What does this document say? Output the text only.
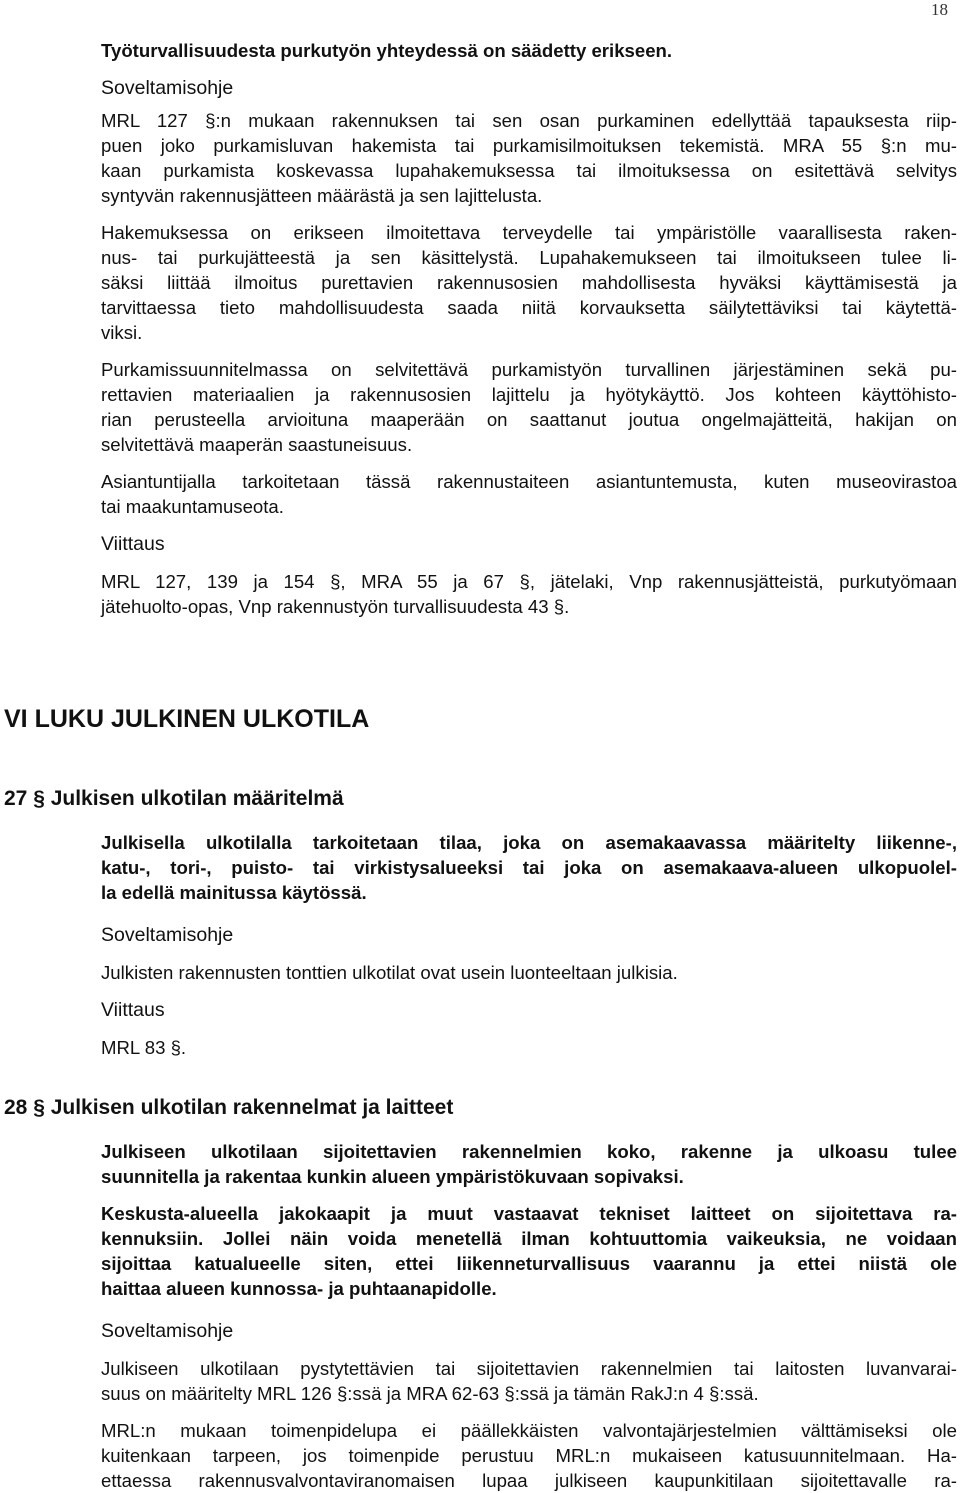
18
Työturvallisuudesta purkutyön yhteydessä on säädetty erikseen.
Soveltamisohje
MRL 127 §:n mukaan rakennuksen tai sen osan purkaminen edellyttää tapauksesta riip-
puen joko purkamisluvan hakemista tai purkamisilmoituksen tekemistä. MRA 55 §:n mu-
kaan purkamista koskevassa lupahakemuksessa tai ilmoituksessa on esitettävä selvitys
syntyvän rakennusjätteen määrästä ja sen lajittelusta.
Hakemuksessa on erikseen ilmoitettava terveydelle tai ympäristölle vaarallisesta raken-
nus- tai purkujätteestä ja sen käsittelystä. Lupahakemukseen tai ilmoitukseen tulee li-
säksi liittää ilmoitus purettavien rakennusosien mahdollisesta hyväksi käyttämisestä ja
tarvittaessa tieto mahdollisuudesta saada niitä korvauksetta säilytettäviksi tai käytettä-
viksi.
Purkamissuunnitelmassa on selvitettävä purkamistyön turvallinen järjestäminen sekä pu-
rettavien materiaalien ja rakennusosien lajittelu ja hyötykäyttö. Jos kohteen käyttöhisto-
rian perusteella arvioituna maaperään on saattanut joutua ongelmajätteitä, hakijan on
selvitettävä maaperän saastuneisuus.
Asiantuntijalla tarkoitetaan tässä rakennustaiteen asiantuntemusta, kuten museovirastoa
tai maakuntamuseota.
Viittaus
MRL 127, 139 ja 154 §, MRA 55 ja 67 §, jätelaki, Vnp rakennusjätteistä, purkutyömaan
jätehuolto-opas, Vnp rakennustyön turvallisuudesta 43 §.
VI LUKU JULKINEN ULKOTILA
27 § Julkisen ulkotilan määritelmä
Julkisella ulkotilalla tarkoitetaan tilaa, joka on asemakaavassa määritelty liikenne-,
katu-, tori-, puisto- tai virkistysalueeksi tai joka on asemakaava-alueen ulkopuolel-
la edellä mainitussa käytössä.
Soveltamisohje
Julkisten rakennusten tonttien ulkotilat ovat usein luonteeltaan julkisia.
Viittaus
MRL 83 §.
28 § Julkisen ulkotilan rakennelmat ja laitteet
Julkiseen ulkotilaan sijoitettavien rakennelmien koko, rakenne ja ulkoasu tulee
suunnitella ja rakentaa kunkin alueen ympäristökuvaan sopivaksi.
Keskusta-alueella jakokaapit ja muut vastaavat tekniset laitteet on sijoitettava ra-
kennuksiin. Jollei näin voida menetellä ilman kohtuuttomia vaikeuksia, ne voidaan
sijoittaa katualueelle siten, ettei liikenneturvallisuus vaarannu ja ettei niistä ole
haittaa alueen kunnossa- ja puhtaanapidolle.
Soveltamisohje
Julkiseen ulkotilaan pystytettävien tai sijoitettavien rakennelmien tai laitosten luvanvarai-
suus on määritelty MRL 126 §:ssä ja MRA 62-63 §:ssä ja tämän RakJ:n 4 §:ssä.
MRL:n mukaan toimenpidelupa ei päällekkäisten valvontajärjestelmien välttämiseksi ole
kuitenkaan tarpeen, jos toimenpide perustuu MRL:n mukaiseen katusuunnitelmaan. Ha-
ettaessa rakennusvalvontaviranomaisen lupaa julkiseen kaupunkitilaan sijoitettavalle ra-
